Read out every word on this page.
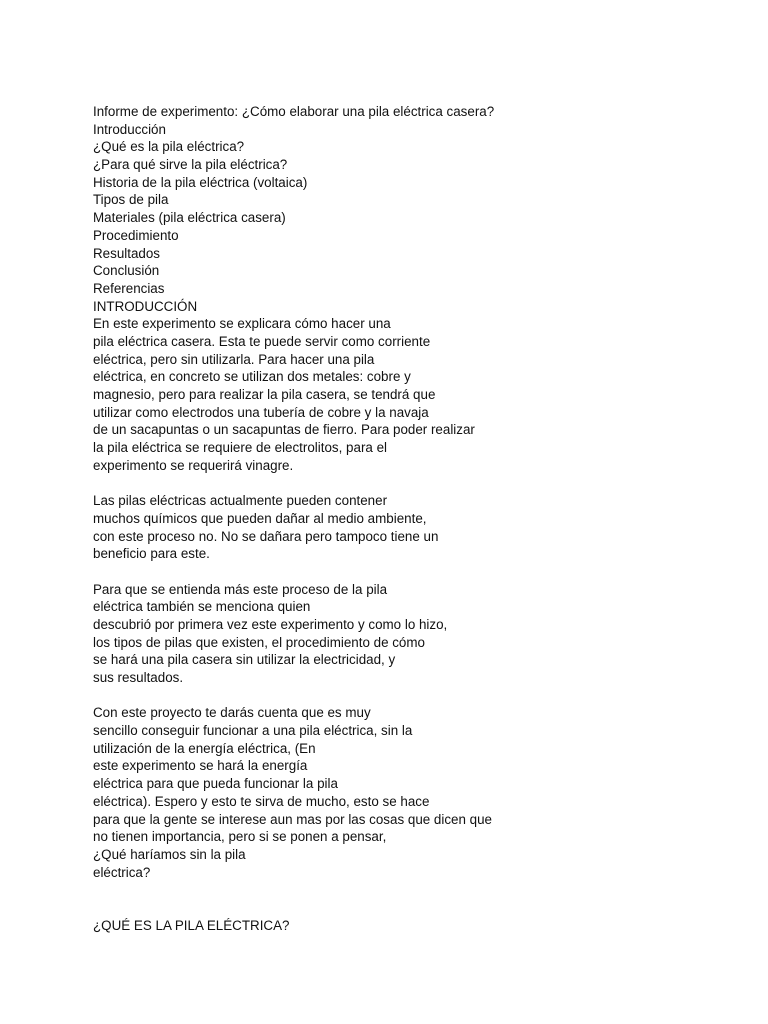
Informe de experimento: ¿Cómo elaborar una pila eléctrica casera?
Introducción
¿Qué es la pila eléctrica?
¿Para qué sirve la pila eléctrica?
Historia de la pila eléctrica (voltaica)
Tipos de pila
Materiales (pila eléctrica casera)
Procedimiento
Resultados
Conclusión
Referencias
INTRODUCCIÓN
En este experimento se explicara cómo hacer una
pila eléctrica casera. Esta te puede servir como corriente
eléctrica, pero sin utilizarla. Para hacer una pila
eléctrica, en concreto se utilizan dos metales: cobre y
magnesio, pero para realizar la pila casera, se tendrá que
utilizar como electrodos una tubería de cobre y la navaja
de un sacapuntas o un sacapuntas de fierro. Para poder realizar
la pila eléctrica se requiere de electrolitos, para el
experimento se requerirá vinagre.
Las pilas eléctricas actualmente pueden contener
muchos químicos que pueden dañar al medio ambiente,
con este proceso no. No se dañara pero tampoco tiene un
beneficio para este.
Para que se entienda más este proceso de la pila
eléctrica también se menciona quien
descubrió por primera vez este experimento y como lo hizo,
los tipos de pilas que existen, el procedimiento de cómo
se hará una pila casera sin utilizar la electricidad, y
sus resultados.
Con este proyecto te darás cuenta que es muy
sencillo conseguir funcionar a una pila eléctrica, sin la
utilización de la energía eléctrica, (En
este experimento se hará la energía
eléctrica para que pueda funcionar la pila
eléctrica). Espero y esto te sirva de mucho, esto se hace
para que la gente se interese aun mas por las cosas que dicen que
no tienen importancia, pero si se ponen a pensar,
¿Qué haríamos sin la pila
eléctrica?
¿QUÉ ES LA PILA ELÉCTRICA?
